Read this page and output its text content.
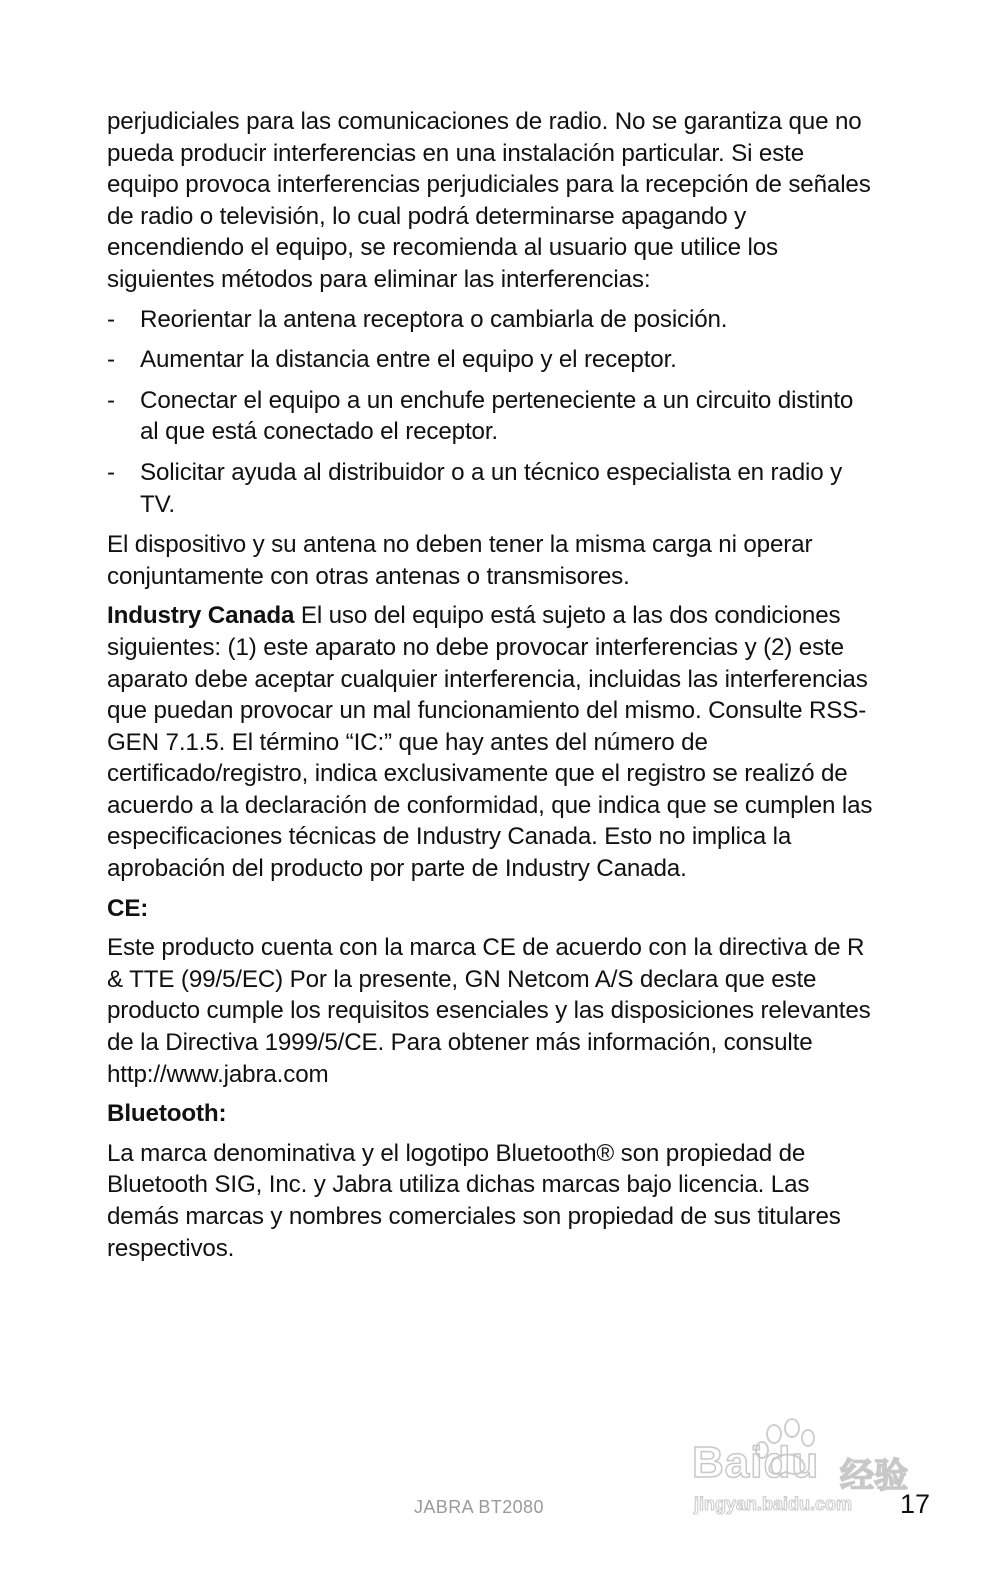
perjudiciales para las comunicaciones de radio. No se garantiza que no pueda producir interferencias en una instalación particular. Si este equipo provoca interferencias perjudiciales para la recepción de señales de radio o televisión, lo cual podrá determinarse apagando y encendiendo el equipo, se recomienda al usuario que utilice los siguientes métodos para eliminar las interferencias:

- Reorientar la antena receptora o cambiarla de posición.
- Aumentar la distancia entre el equipo y el receptor.
- Conectar el equipo a un enchufe perteneciente a un circuito distinto al que está conectado el receptor.
- Solicitar ayuda al distribuidor o a un técnico especialista en radio y TV.

El dispositivo y su antena no deben tener la misma carga ni operar conjuntamente con otras antenas o transmisores.

Industry Canada El uso del equipo está sujeto a las dos condiciones siguientes: (1) este aparato no debe provocar interferencias y (2) este aparato debe aceptar cualquier interferencia, incluidas las interferencias que puedan provocar un mal funcionamiento del mismo. Consulte RSS-GEN 7.1.5. El término “IC:” que hay antes del número de certificado/registro, indica exclusivamente que el registro se realizó de acuerdo a la declaración de conformidad, que indica que se cumplen las especificaciones técnicas de Industry Canada. Esto no implica la aprobación del producto por parte de Industry Canada.

CE:

Este producto cuenta con la marca CE de acuerdo con la directiva de R & TTE (99/5/EC) Por la presente, GN Netcom A/S declara que este producto cumple los requisitos esenciales y las disposiciones relevantes de la Directiva 1999/5/CE. Para obtener más información, consulte http://www.jabra.com

Bluetooth:

La marca denominativa y el logotipo Bluetooth® son propiedad de Bluetooth SIG, Inc. y Jabra utiliza dichas marcas bajo licencia. Las demás marcas y nombres comerciales son propiedad de sus titulares respectivos.

Baidu 经验
jingyan.baidu.com
JABRA BT2080	17
